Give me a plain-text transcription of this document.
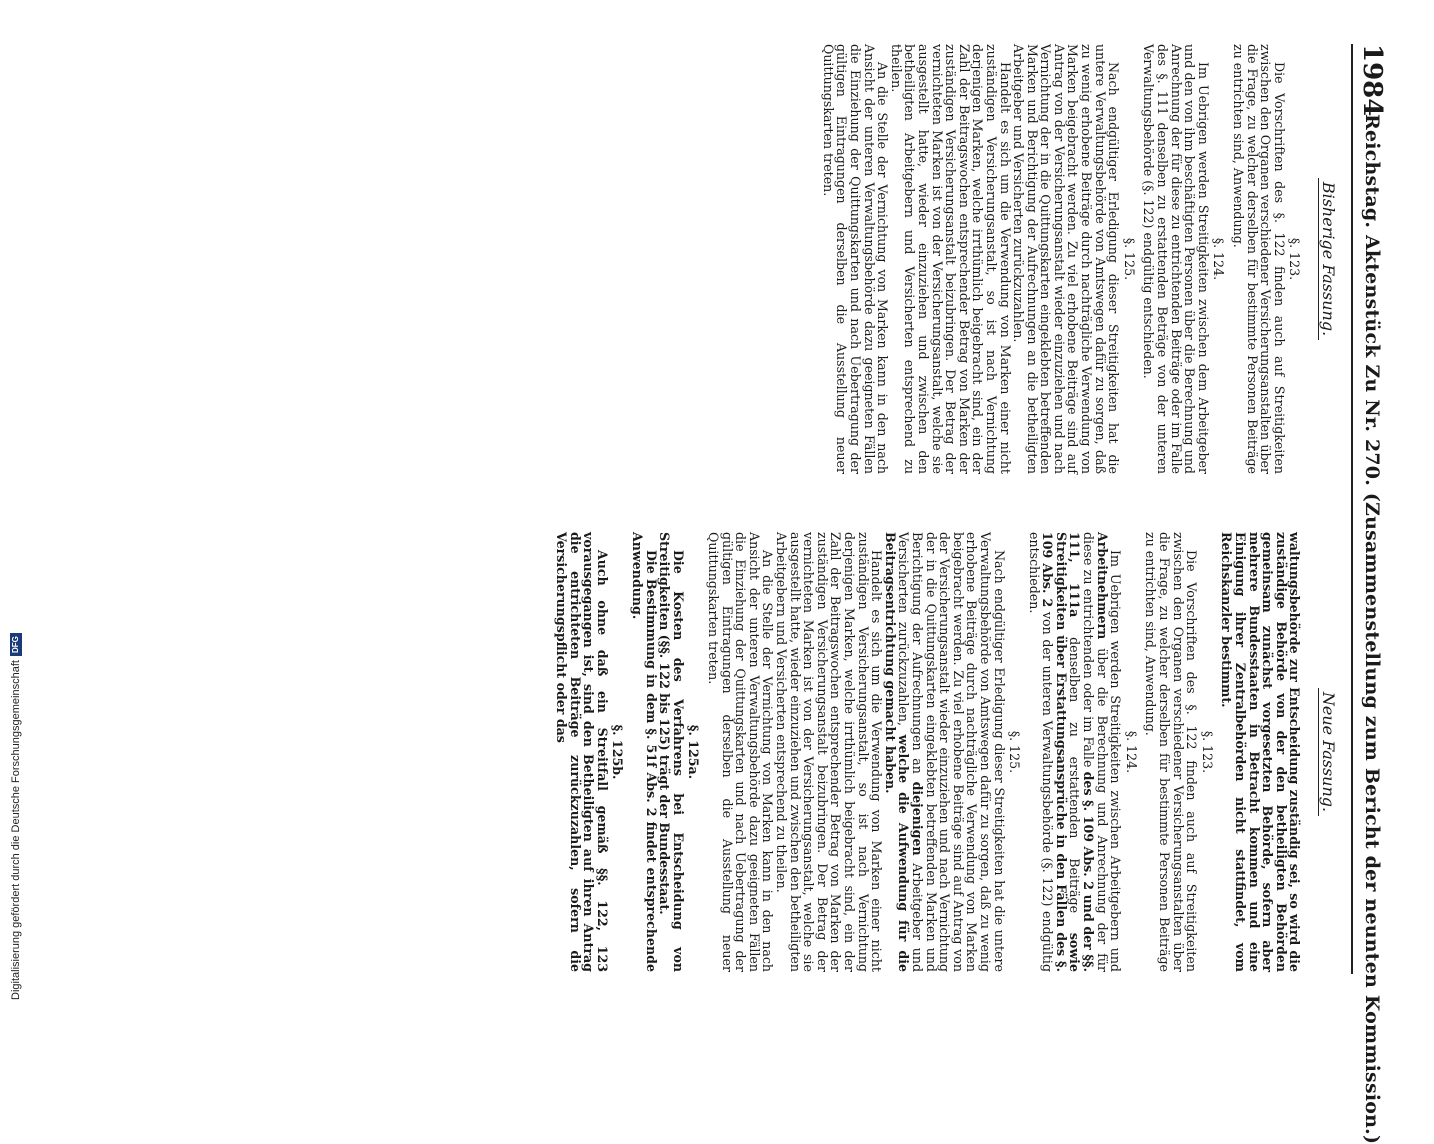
1984
Reichstag. Aktenstück Zu Nr. 270. (Zusammenstellung zum Bericht der neunten Kommission.)
Bisherige Fassung.
§. 123.

Die Vorschriften des §. 122 finden auch auf Streitigkeiten zwischen den Organen verschiedener Versicherungsanstalten über die Frage, zu welcher derselben für bestimmte Personen Beiträge zu entrichten sind, Anwendung.

§. 124.

Im Uebrigen werden Streitigkeiten zwischen dem Arbeitgeber und den von ihm beschäftigten Personen über die Berechnung und Anrechnung der für diese zu entrichtenden Beiträge oder im Falle des §. 111 denselben zu erstattenden Beträge von der unteren Verwaltungsbehörde (§. 122) endgültig entschieden.

§. 125.

Nach endgültiger Erledigung dieser Streitigkeiten hat die untere Verwaltungsbehörde von Amtswegen dafür zu sorgen, daß zu wenig erhobene Beiträge durch nachträgliche Verwendung von Marken beigebracht werden. Zu viel erhobene Beiträge sind auf Antrag von der Versicherungsanstalt wieder einzuziehen und nach Vernichtung der in die Quittungskarten eingeklebten betreffenden Marken und Berichtigung der Aufrechnungen an die betheiligten Arbeitgeber und Versicherten zurückzuzahlen.

Handelt es sich um die Verwendung von Marken einer nicht zuständigen Versicherungsanstalt, so ist nach Vernichtung derjenigen Marken, welche irrthümlich beigebracht sind, ein der Zahl der Beitragswochen entsprechender Betrag von Marken der zuständigen Versicherungsanstalt beizubringen. Der Betrag der vernichteten Marken ist von der Versicherungsanstalt, welche sie ausgestellt hatte, wieder einzuziehen und zwischen den betheiligten Arbeitgebern und Versicherten entsprechend zu theilen.

An die Stelle der Vernichtung von Marken kann in den nach Ansicht der unteren Verwaltungsbehörde dazu geeigneten Fällen die Einziehung der Quittungskarten und nach Uebertragung der gültigen Eintragungen derselben die Ausstellung neuer Quittungskarten treten.

Neue Fassung.

waltungsbehörde zur Entscheidung zuständig sei, so wird die zuständige Behörde von der den betheiligten Behörden gemeinsam zunächst vorgesetzten Behörde, sofern aber mehrere Bundesstaaten in Betracht kommen und eine Einigung ihrer Zentralbehörden nicht stattfindet, vom Reichskanzler bestimmt.

§. 123.

Die Vorschriften des §. 122 finden auch auf Streitigkeiten zwischen den Organen verschiedener Versicherungsanstalten über die Frage, zu welcher derselben für bestimmte Personen Beiträge zu entrichten sind, Anwendung.

§. 124.

Im Uebrigen werden Streitigkeiten zwischen Arbeitgebern und Arbeitnehmern über die Berechnung und Anrechnung der für diese zu entrichtenden oder im Falle des §. 109 Abs. 2 und der §§. 111, 111a denselben zu erstattenden Beiträge sowie Streitigkeiten über Erstattungsansprüche in den Fällen des §. 109 Abs. 2 von der unteren Verwaltungsbehörde (§. 122) endgültig entschieden.

§. 125.

Nach endgültiger Erledigung dieser Streitigkeiten hat die untere Verwaltungsbehörde von Amtswegen dafür zu sorgen, daß zu wenig erhobene Beiträge durch nachträgliche Verwendung von Marken beigebracht werden. Zu viel erhobene Beiträge sind auf Antrag von der Versicherungsanstalt wieder einzuziehen und nach Vernichtung der in die Quittungskarten eingeklebten betreffenden Marken und Berichtigung der Aufrechnungen an diejenigen Arbeitgeber und Versicherten zurückzuzahlen, welche die Aufwendung für die Beitragsentrichtung gemacht haben.

Handelt es sich um die Verwendung von Marken einer nicht zuständigen Versicherungsanstalt, so ist nach Vernichtung derjenigen Marken, welche irrthümlich beigebracht sind, ein der Zahl der Beitragswochen entsprechender Betrag von Marken der zuständigen Versicherungsanstalt beizubringen. Der Betrag der vernichteten Marken ist von der Versicherungsanstalt, welche sie ausgestellt hatte, wieder einzuziehen und zwischen den betheiligten Arbeitgebern und Versicherten entsprechend zu theilen.

An die Stelle der Vernichtung von Marken kann in den nach Ansicht der unteren Verwaltungsbehörde dazu geeigneten Fällen die Einziehung der Quittungskarten und nach Uebertragung der gültigen Eintragungen derselben die Ausstellung neuer Quittungskarten treten.

§. 125a.

Die Kosten des Verfahrens bei Entscheidung von Streitigkeiten (§§. 122 bis 125) trägt der Bundesstaat.

Die Bestimmung in dem §. 51f Abs. 2 findet entsprechende Anwendung.

§. 125b.

Auch ohne daß ein Streitfall gemäß §§. 122, 123 vorausgegangen ist, sind den Betheiligten auf ihren Antrag die entrichteten Beiträge zurückzuzahlen, sofern die Versicherungspflicht oder das

Digitalisierung gefördert durch die Deutsche ForschungsgemeinschaftDFG
